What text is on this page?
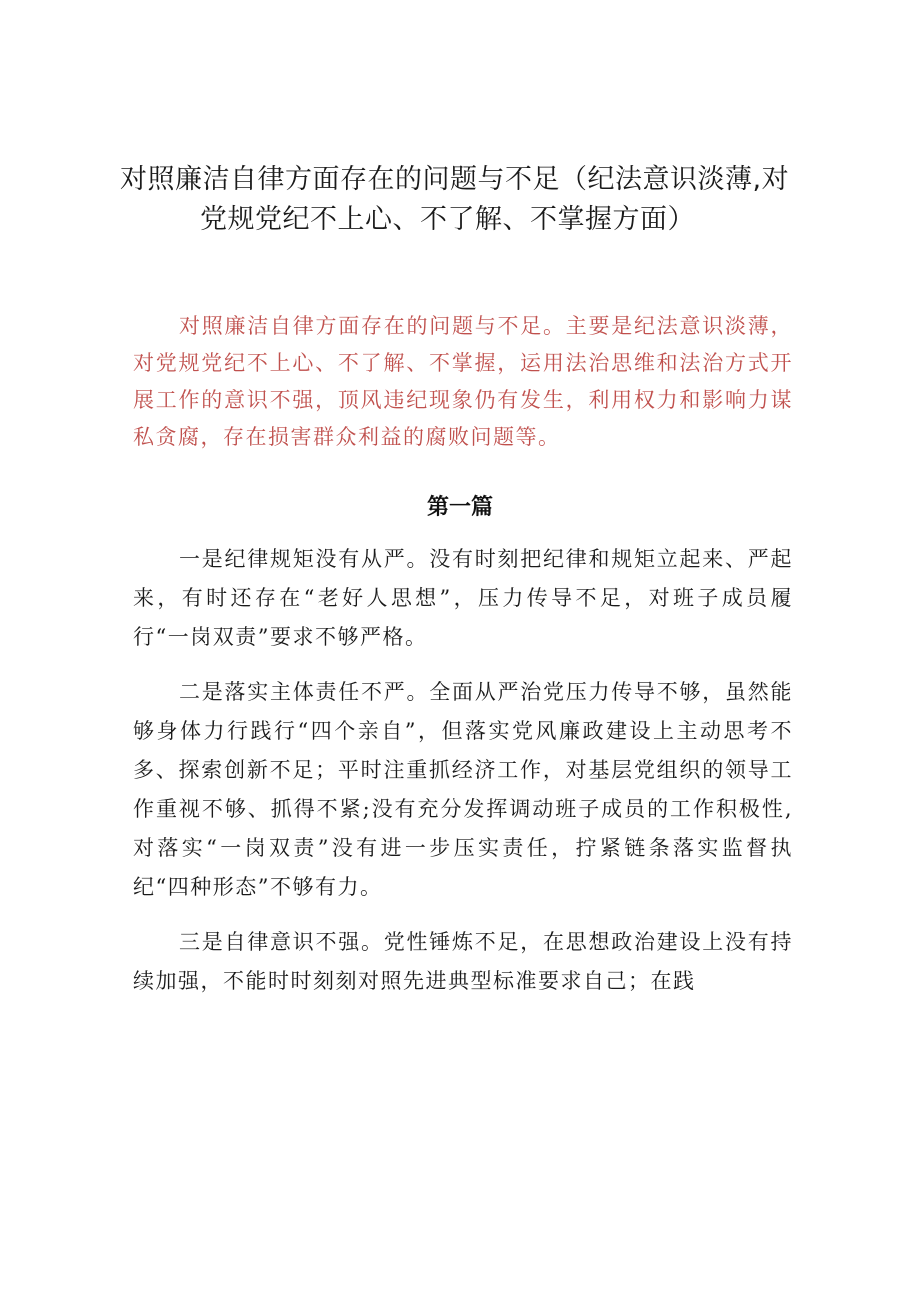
对照廉洁自律方面存在的问题与不足（纪法意识淡薄,对
党规党纪不上心、不了解、不掌握方面）

对照廉洁自律方面存在的问题与不足。主要是纪法意识淡薄，对党规党纪不上心、不了解、不掌握，运用法治思维和法治方式开展工作的意识不强，顶风违纪现象仍有发生，利用权力和影响力谋私贪腐，存在损害群众利益的腐败问题等。

第一篇

一是纪律规矩没有从严。没有时刻把纪律和规矩立起来、严起来，有时还存在“老好人思想”，压力传导不足，对班子成员履行“一岗双责”要求不够严格。

二是落实主体责任不严。全面从严治党压力传导不够，虽然能够身体力行践行“四个亲自”，但落实党风廉政建设上主动思考不多、探索创新不足；平时注重抓经济工作，对基层党组织的领导工作重视不够、抓得不紧;没有充分发挥调动班子成员的工作积极性,对落实“一岗双责”没有进一步压实责任，拧紧链条落实监督执纪“四种形态”不够有力。

三是自律意识不强。党性锤炼不足，在思想政治建设上没有持续加强，不能时时刻刻对照先进典型标准要求自己；在践
